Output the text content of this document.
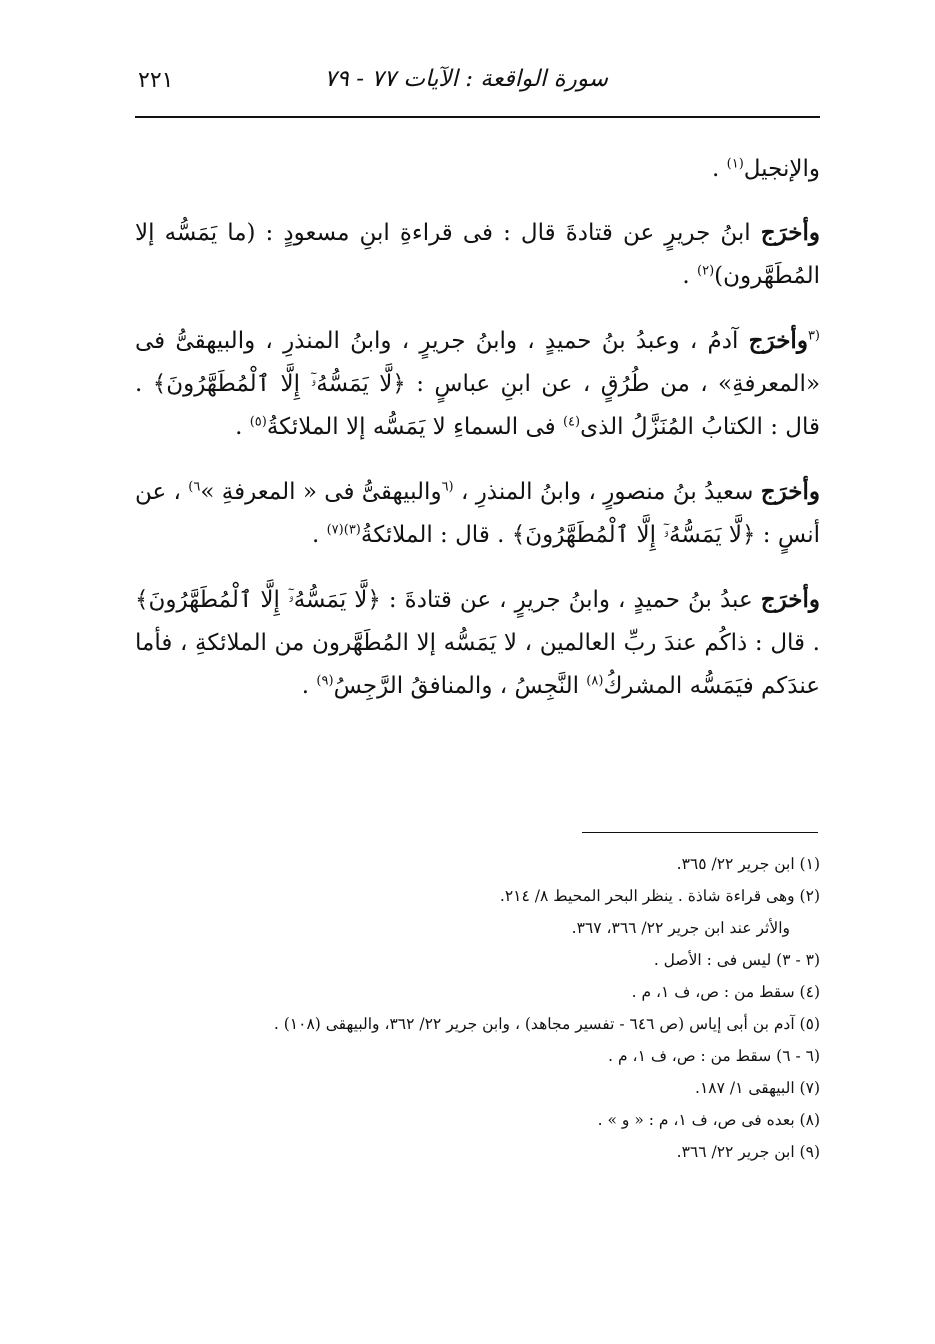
سورة الواقعة : الآيات ٧٧ - ٧٩
٢٢١

والإنجيل$^{(١)}$ .

وأخرَج ابنُ جريرٍ عن قتادةَ قال : فى قراءةِ ابنِ مسعودٍ : (ما يَمَسُّه إلا المُطَهَّرون)$^{(٢)}$ .

$^{(٣}$وأخرَج آدمُ ، وعبدُ بنُ حميدٍ ، وابنُ جريرٍ ، وابنُ المنذرِ ، والبيهقىُّ فى «المعرفةِ» ، من طُرُقٍ ، عن ابنِ عباسٍ : ﴿لَّا يَمَسُّهُۥٓ إِلَّا ٱلْمُطَهَّرُونَ﴾ . قال : الكتابُ المُنَزَّلُ الذى$^{(٤)}$ فى السماءِ لا يَمَسُّه إلا الملائكةُ$^{(٥)}$ .

وأخرَج سعيدُ بنُ منصورٍ ، وابنُ المنذرِ ، $^{(٦}$والبيهقىُّ فى « المعرفةِ »$^{٦)}$ ، عن أنسٍ : ﴿لَّا يَمَسُّهُۥٓ إِلَّا ٱلْمُطَهَّرُونَ﴾ . قال : الملائكةُ$^{(٣)(٧)}$ .

وأخرَج عبدُ بنُ حميدٍ ، وابنُ جريرٍ ، عن قتادةَ : ﴿لَّا يَمَسُّهُۥٓ إِلَّا ٱلْمُطَهَّرُونَ﴾ . قال : ذاكُم عندَ ربِّ العالمين ، لا يَمَسُّه إلا المُطَهَّرون من الملائكةِ ، فأما عندَكم فيَمَسُّه المشركُ$^{(٨)}$ النَّجِسُ ، والمنافقُ الرَّجِسُ$^{(٩)}$ .

(١) ابن جرير ٢٢/ ٣٦٥.

(٢) وهى قراءة شاذة . ينظر البحر المحيط ٨/ ٢١٤.

والأثر عند ابن جرير ٢٢/ ٣٦٦، ٣٦٧.

(٣ - ٣) ليس فى : الأصل .

(٤) سقط من : ص، ف ١، م .

(٥) آدم بن أبى إياس (ص ٦٤٦ - تفسير مجاهد) ، وابن جرير ٢٢/ ٣٦٢، والبيهقى (١٠٨) .

(٦ - ٦) سقط من : ص، ف ١، م .

(٧) البيهقى ١/ ١٨٧.

(٨) بعده فى ص، ف ١، م : « و » .

(٩) ابن جرير ٢٢/ ٣٦٦.
